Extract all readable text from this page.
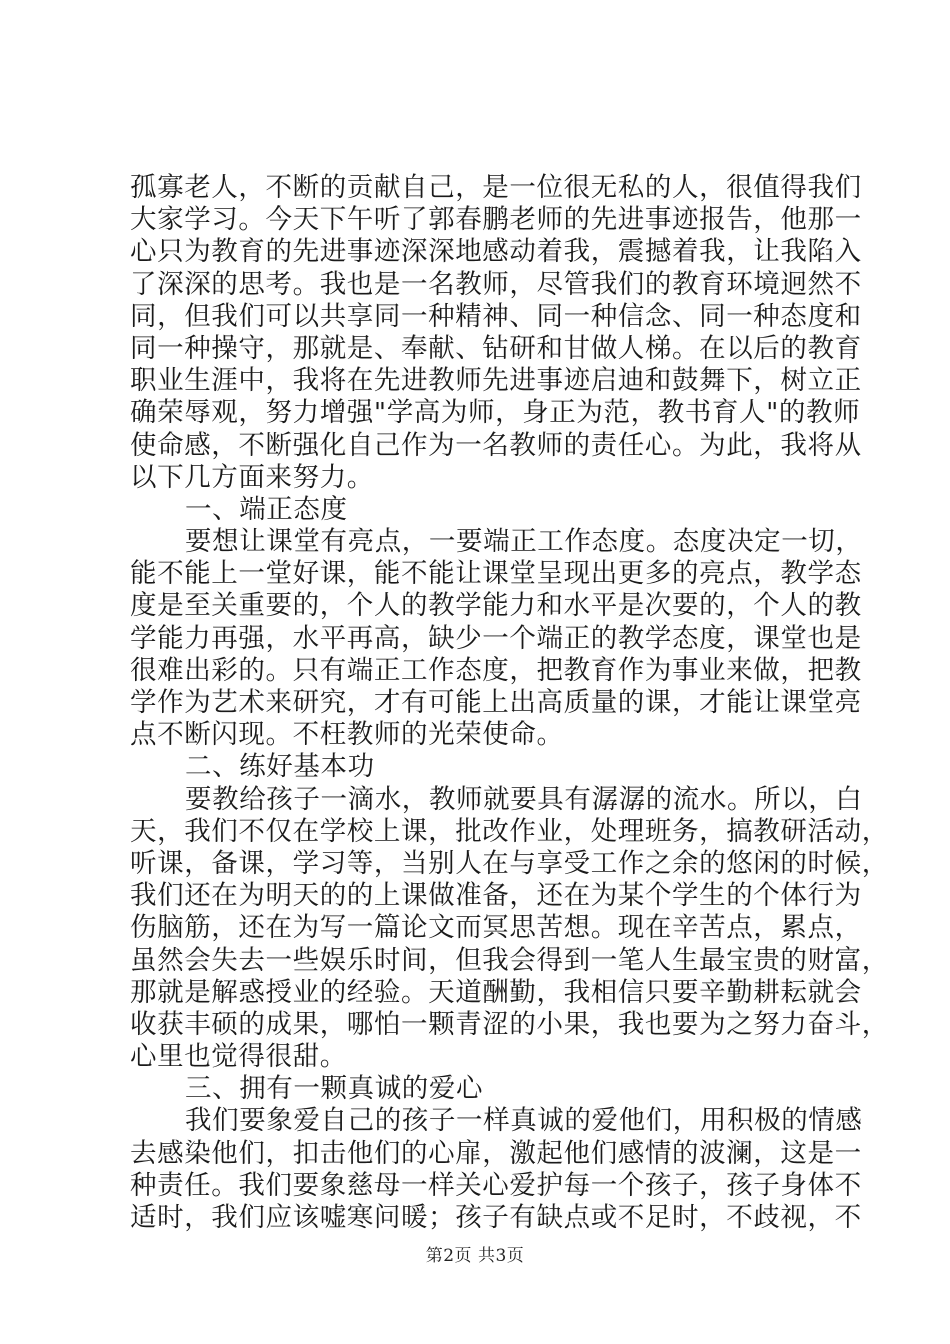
孤寡老人，不断的贡献自己，是一位很无私的人，很值得我们
大家学习。今天下午听了郭春鹏老师的先进事迹报告，他那一
心只为教育的先进事迹深深地感动着我，震撼着我，让我陷入
了深深的思考。我也是一名教师，尽管我们的教育环境迥然不
同，但我们可以共享同一种精神、同一种信念、同一种态度和
同一种操守，那就是、奉献、钻研和甘做人梯。在以后的教育
职业生涯中，我将在先进教师先进事迹启迪和鼓舞下，树立正
确荣辱观，努力增强"学高为师，身正为范，教书育人"的教师
使命感，不断强化自己作为一名教师的责任心。为此，我将从
以下几方面来努力。
一、端正态度
要想让课堂有亮点，一要端正工作态度。态度决定一切，
能不能上一堂好课，能不能让课堂呈现出更多的亮点，教学态
度是至关重要的，个人的教学能力和水平是次要的，个人的教
学能力再强，水平再高，缺少一个端正的教学态度，课堂也是
很难出彩的。只有端正工作态度，把教育作为事业来做，把教
学作为艺术来研究，才有可能上出高质量的课，才能让课堂亮
点不断闪现。不枉教师的光荣使命。
二、练好基本功
要教给孩子一滴水，教师就要具有潺潺的流水。所以，白
天，我们不仅在学校上课，批改作业，处理班务，搞教研活动，
听课，备课，学习等，当别人在与享受工作之余的悠闲的时候，
我们还在为明天的的上课做准备，还在为某个学生的个体行为
伤脑筋，还在为写一篇论文而冥思苦想。现在辛苦点，累点，
虽然会失去一些娱乐时间，但我会得到一笔人生最宝贵的财富，
那就是解惑授业的经验。天道酬勤，我相信只要辛勤耕耘就会
收获丰硕的成果，哪怕一颗青涩的小果，我也要为之努力奋斗，
心里也觉得很甜。
三、拥有一颗真诚的爱心
我们要象爱自己的孩子一样真诚的爱他们，用积极的情感
去感染他们，扣击他们的心扉，激起他们感情的波澜，这是一
种责任。我们要象慈母一样关心爱护每一个孩子，孩子身体不
适时，我们应该嘘寒问暖；孩子有缺点或不足时，不歧视，不
第2页 共3页
